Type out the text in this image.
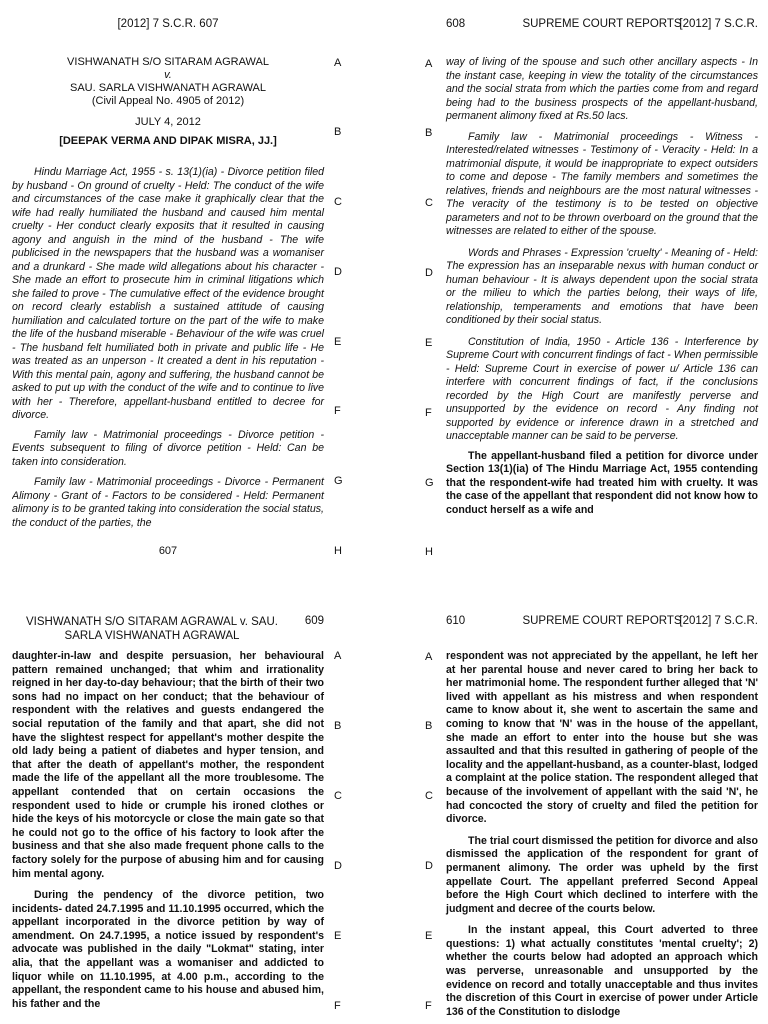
[2012] 7 S.C.R. 607
VISHWANATH S/O SITARAM AGRAWAL
v.
SAU. SARLA VISHWANATH AGRAWAL
(Civil Appeal No. 4905 of 2012)
JULY 4, 2012
[DEEPAK VERMA AND DIPAK MISRA, JJ.]

Hindu Marriage Act, 1955 - s. 13(1)(ia) - Divorce petition filed by husband - On ground of cruelty - Held: The conduct of the wife and circumstances of the case make it graphically clear that the wife had really humiliated the husband and caused him mental cruelty - Her conduct clearly exposits that it resulted in causing agony and anguish in the mind of the husband - The wife publicised in the newspapers that the husband was a womaniser and a drunkard - She made wild allegations about his character - She made an effort to prosecute him in criminal litigations which she failed to prove - The cumulative effect of the evidence brought on record clearly establish a sustained attitude of causing humiliation and calculated torture on the part of the wife to make the life of the husband miserable - Behaviour of the wife was cruel - The husband felt humiliated both in private and public life - He was treated as an unperson - It created a dent in his reputation - With this mental pain, agony and suffering, the husband cannot be asked to put up with the conduct of the wife and to continue to live with her - Therefore, appellant-husband entitled to decree for divorce.

Family law - Matrimonial proceedings - Divorce petition - Events subsequent to filing of divorce petition - Held: Can be taken into consideration.

Family law - Matrimonial proceedings - Divorce - Permanent Alimony - Grant of - Factors to be considered - Held: Permanent alimony is to be granted taking into consideration the social status, the conduct of the parties, the

607
A
B
C
D
E
F
G
H
608	SUPREME COURT REPORTS
[2012] 7 S.C.R.

way of living of the spouse and such other ancillary aspects - In the instant case, keeping in view the totality of the circumstances and the social strata from which the parties come from and regard being had to the business prospects of the appellant-husband, permanent alimony fixed at Rs.50 lacs.

Family law - Matrimonial proceedings - Witness - Interested/related witnesses - Testimony of - Veracity - Held: In a matrimonial dispute, it would be inappropriate to expect outsiders to come and depose - The family members and sometimes the relatives, friends and neighbours are the most natural witnesses - The veracity of the testimony is to be tested on objective parameters and not to be thrown overboard on the ground that the witnesses are related to either of the spouse.

Words and Phrases - Expression 'cruelty' - Meaning of - Held: The expression has an inseparable nexus with human conduct or human behaviour - It is always dependent upon the social strata or the milieu to which the parties belong, their ways of life, relationship, temperaments and emotions that have been conditioned by their social status.

Constitution of India, 1950 - Article 136 - Interference by Supreme Court with concurrent findings of fact - When permissible - Held: Supreme Court in exercise of power u/ Article 136 can interfere with concurrent findings of fact, if the conclusions recorded by the High Court are manifestly perverse and unsupported by the evidence on record - Any finding not supported by evidence or inference drawn in a stretched and unacceptable manner can be said to be perverse.

The appellant-husband filed a petition for divorce under Section 13(1)(ia) of The Hindu Marriage Act, 1955 contending that the respondent-wife had treated him with cruelty. It was the case of the appellant that respondent did not know how to conduct herself as a wife and

A
B
C
D
E
F
G
H
VISHWANATH S/O SITARAM AGRAWAL v. SAU. SARLA VISHWANATH AGRAWAL
609

daughter-in-law and despite persuasion, her behavioural pattern remained unchanged; that whim and irrationality reigned in her day-to-day behaviour; that the birth of their two sons had no impact on her conduct; that the behaviour of respondent with the relatives and guests endangered the social reputation of the family and that apart, she did not have the slightest respect for appellant's mother despite the old lady being a patient of diabetes and hyper tension, and that after the death of appellant's mother, the respondent made the life of the appellant all the more troublesome. The appellant contended that on certain occasions the respondent used to hide or crumple his ironed clothes or hide the keys of his motorcycle or close the main gate so that he could not go to the office of his factory to look after the business and that she also made frequent phone calls to the factory solely for the purpose of abusing him and for causing him mental agony.

During the pendency of the divorce petition, two incidents- dated 24.7.1995 and 11.10.1995 occurred, which the appellant incorporated in the divorce petition by way of amendment. On 24.7.1995, a notice issued by respondent's advocate was published in the daily "Lokmat" stating, inter alia, that the appellant was a womaniser and addicted to liquor while on 11.10.1995, at 4.00 p.m., according to the appellant, the respondent came to his house and abused him, his father and the

A
B
C
D
E
F
610	SUPREME COURT REPORTS
[2012] 7 S.C.R.

respondent was not appreciated by the appellant, he left her at her parental house and never cared to bring her back to her matrimonial home. The respondent further alleged that 'N' lived with appellant as his mistress and when respondent came to know about it, she went to ascertain the same and coming to know that 'N' was in the house of the appellant, she made an effort to enter into the house but she was assaulted and that this resulted in gathering of people of the locality and the appellant-husband, as a counter-blast, lodged a complaint at the police station. The respondent alleged that because of the involvement of appellant with the said 'N', he had concocted the story of cruelty and filed the petition for divorce.

The trial court dismissed the petition for divorce and also dismissed the application of the respondent for grant of permanent alimony. The order was upheld by the first appellate Court. The appellant preferred Second Appeal before the High Court which declined to interfere with the judgment and decree of the courts below.

In the instant appeal, this Court adverted to three questions: 1) what actually constitutes 'mental cruelty'; 2) whether the courts below had adopted an approach which was perverse, unreasonable and unsupported by the evidence on record and totally unacceptable and thus invites the discretion of this Court in exercise of power under Article 136 of the Constitution to dislodge

A
B
C
D
E
F
